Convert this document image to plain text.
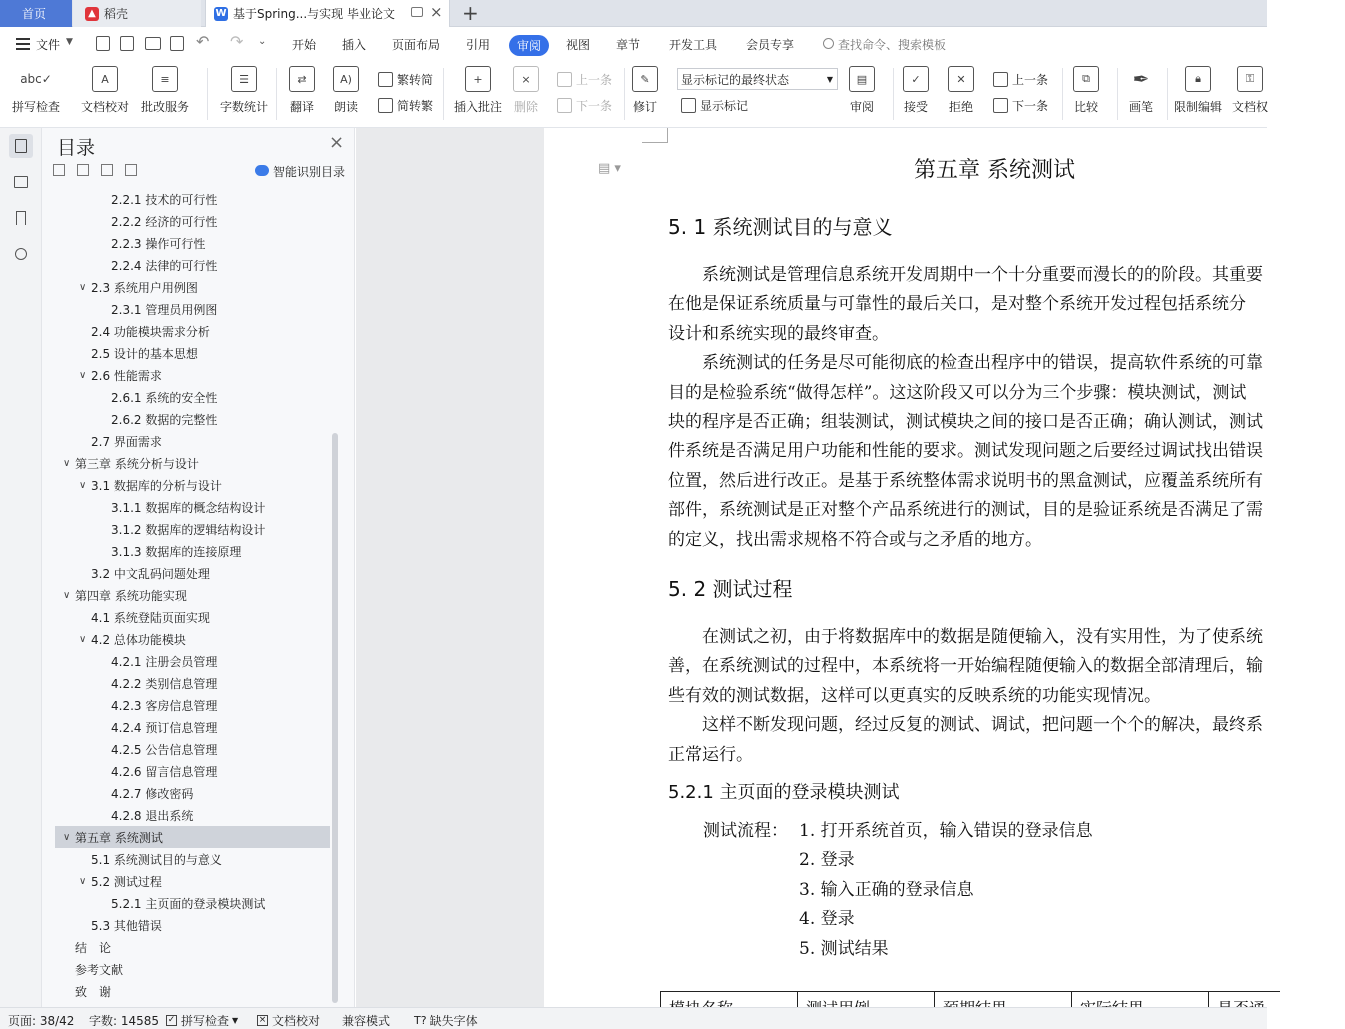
首页	▲ 稻壳	W 基于Spring...与实现 毕业论文 × +
文件 ▼	↶ ↷ ⌄ 开始 插入 页面布局 引用	审阅	视图 章节 开发工具 会员专享	查找命令、搜索模板
abc✓
拼写检查
A
文档校对
≡
批改服务
☰
字数统计
⇄
翻译
A)
朗读
繁转简
简转繁
+
插入批注
×
删除
上一条
下一条
✎
修订
显示标记的最终状态	▼
显示标记
▤
审阅
✓
接受
✕
拒绝
上一条
下一条
⧉
比较
✒
画笔
🔒︎
限制编辑
⚿
文档权
目录	×
智能识别目录
2.2.1 技术的可行性
2.2.2 经济的可行性
2.2.3 操作可行性
2.2.4 法律的可行性
∨ 2.3 系统用户用例图
2.3.1 管理员用例图
2.4 功能模块需求分析
2.5 设计的基本思想
∨ 2.6 性能需求
2.6.1 系统的安全性
2.6.2 数据的完整性
2.7 界面需求
∨ 第三章 系统分析与设计
∨ 3.1 数据库的分析与设计
3.1.1 数据库的概念结构设计
3.1.2 数据库的逻辑结构设计
3.1.3 数据库的连接原理
3.2 中文乱码问题处理
∨ 第四章 系统功能实现
4.1 系统登陆页面实现
∨ 4.2 总体功能模块
4.2.1 注册会员管理
4.2.2 类别信息管理
4.2.3 客房信息管理
4.2.4 预订信息管理
4.2.5 公告信息管理
4.2.6 留言信息管理
4.2.7 修改密码
4.2.8 退出系统
∨ 第五章 系统测试
5.1 系统测试目的与意义
∨ 5.2 测试过程
5.2.1 主页面的登录模块测试
5.3 其他错误
结　论
参考文献
致　谢
▤ ▾	第五章 系统测试
5. 1 系统测试目的与意义
　　系统测试是管理信息系统开发周期中一个十分重要而漫长的的阶段。其重要
在他是保证系统质量与可靠性的最后关口，是对整个系统开发过程包括系统分
设计和系统实现的最终审查。
　　系统测试的任务是尽可能彻底的检查出程序中的错误，提高软件系统的可靠
目的是检验系统“做得怎样”。这这阶段又可以分为三个步骤：模块测试，测试
块的程序是否正确；组装测试，测试模块之间的接口是否正确；确认测试，测试
件系统是否满足用户功能和性能的要求。测试发现问题之后要经过调试找出错误
位置，然后进行改正。是基于系统整体需求说明书的黑盒测试，应覆盖系统所有
部件，系统测试是正对整个产品系统进行的测试，目的是验证系统是否满足了需
的定义，找出需求规格不符合或与之矛盾的地方。
5. 2 测试过程
　　在测试之初，由于将数据库中的数据是随便输入，没有实用性，为了使系统
善，在系统测试的过程中，本系统将一开始编程随便输入的数据全部清理后，输
些有效的测试数据，这样可以更真实的反映系统的功能实现情况。
　　这样不断发现问题，经过反复的测试、调试，把问题一个个的解决，最终系
正常运行。
5.2.1 主页面的登录模块测试
测试流程： 1. 打开系统首页，输入错误的登录信息
2. 登录
3. 输入正确的登录信息
4. 登录
5. 测试结果
页面: 38/42 字数: 14585 ✓ 拼写检查 ▼ × 文档校对 兼容模式 T? 缺失字体
